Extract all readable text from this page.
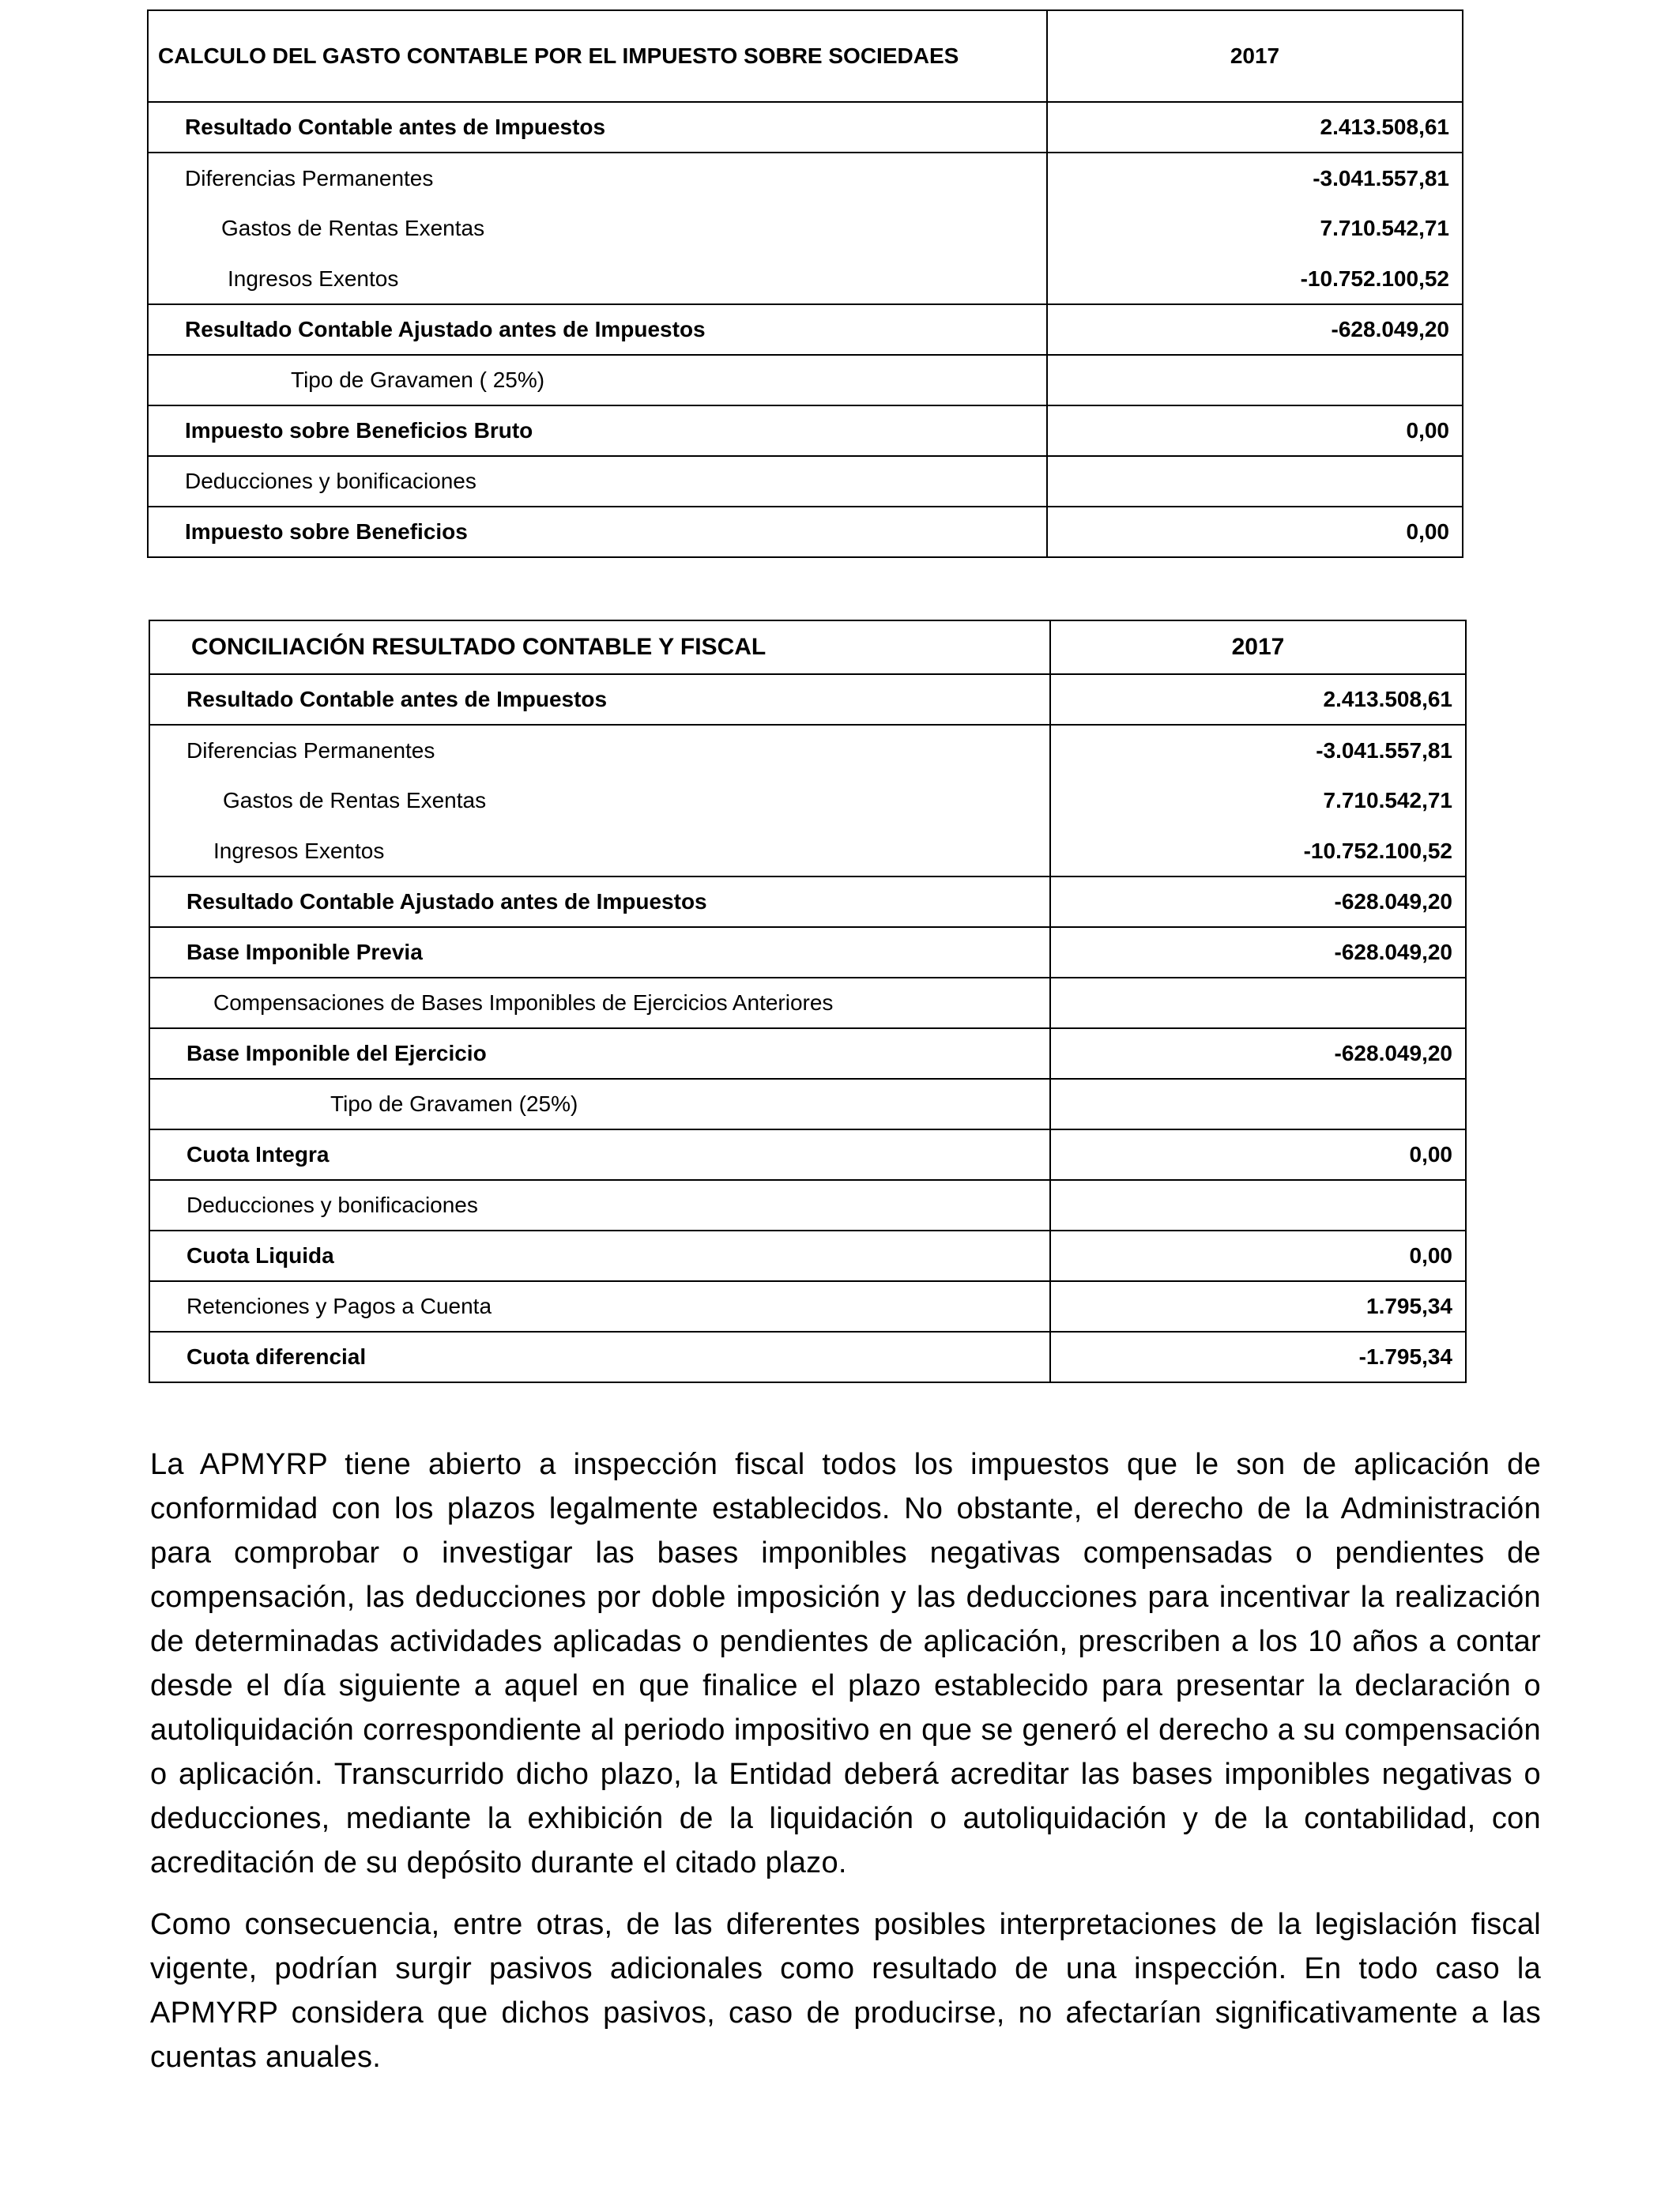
CALCULO DEL GASTO CONTABLE POR EL IMPUESTO SOBRE SOCIEDAES	2017
Resultado Contable antes de Impuestos	2.413.508,61
Diferencias Permanentes	-3.041.557,81
Gastos de Rentas Exentas	7.710.542,71
Ingresos Exentos	-10.752.100,52
Resultado Contable Ajustado antes de Impuestos	-628.049,20
Tipo de Gravamen ( 25%)	
Impuesto sobre Beneficios Bruto	0,00
Deducciones y bonificaciones	
Impuesto sobre Beneficios	0,00
CONCILIACIÓN RESULTADO CONTABLE Y FISCAL	2017
Resultado Contable antes de Impuestos	2.413.508,61
Diferencias Permanentes	-3.041.557,81
Gastos de Rentas Exentas	7.710.542,71
Ingresos Exentos	-10.752.100,52
Resultado Contable Ajustado antes de Impuestos	-628.049,20
Base Imponible Previa	-628.049,20
Compensaciones de Bases Imponibles de Ejercicios Anteriores	
Base Imponible del Ejercicio	-628.049,20
Tipo de Gravamen (25%)	
Cuota Integra	0,00
Deducciones y bonificaciones	
Cuota Liquida	0,00
Retenciones y Pagos a Cuenta	1.795,34
Cuota diferencial	-1.795,34

La APMYRP tiene abierto a inspección fiscal todos los impuestos que le son de aplicación de conformidad con los plazos legalmente establecidos. No obstante, el derecho de la Administración para comprobar o investigar las bases imponibles negativas compensadas o pendientes de compensación, las deducciones por doble imposición y las deducciones para incentivar la realización de determinadas actividades aplicadas o pendientes de aplicación, prescriben a los 10 años a contar desde el día siguiente a aquel en que finalice el plazo establecido para presentar la declaración o autoliquidación correspondiente al periodo impositivo en que se generó el derecho a su compensación o aplicación. Transcurrido dicho plazo, la Entidad deberá acreditar las bases imponibles negativas o deducciones, mediante la exhibición de la liquidación o autoliquidación y de la contabilidad, con acreditación de su depósito durante el citado plazo.

Como consecuencia, entre otras, de las diferentes posibles interpretaciones de la legislación fiscal vigente, podrían surgir pasivos adicionales como resultado de una inspección. En todo caso la APMYRP considera que dichos pasivos, caso de producirse, no afectarían significativamente a las cuentas anuales.
